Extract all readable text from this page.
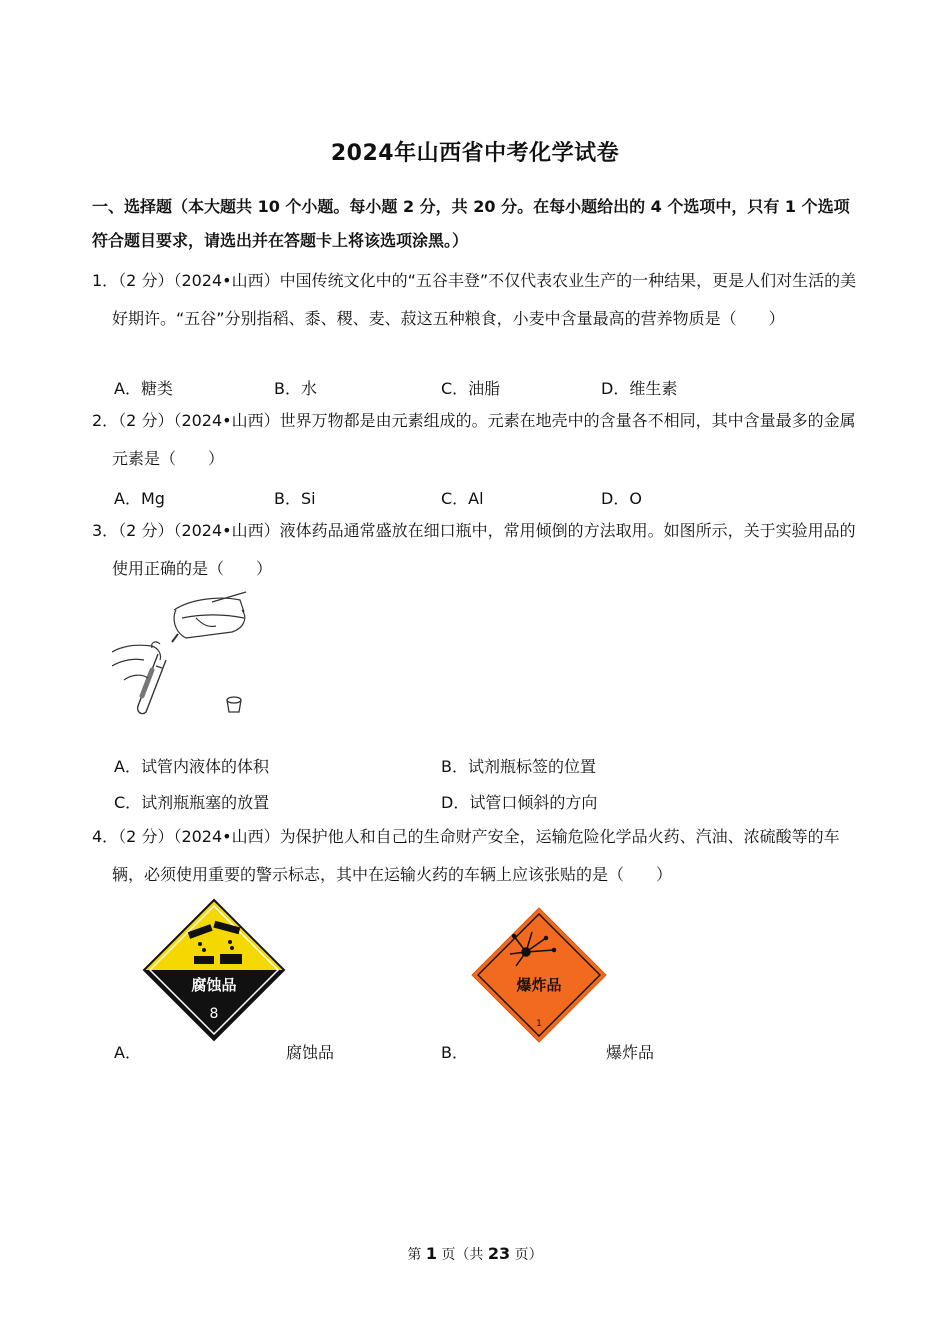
2024年山西省中考化学试卷
一、选择题（本大题共 10 个小题。每小题 2 分，共 20 分。在每小题给出的 4 个选项中，只有 1 个选项
符合题目要求，请选出并在答题卡上将该选项涂黑。）
1．（2 分）（2024•山西）中国传统文化中的“五谷丰登”不仅代表农业生产的一种结果，更是人们对生活的美好期许。“五谷”分别指稻、黍、稷、麦、菽这五种粮食，小麦中含量最高的营养物质是（　　）
A．糖类	B．水	C．油脂	D．维生素
2．（2 分）（2024•山西）世界万物都是由元素组成的。元素在地壳中的含量各不相同，其中含量最多的金属元素是（　　）
A．Mg	B．Si	C．Al	D．O
3．（2 分）（2024•山西）液体药品通常盛放在细口瓶中，常用倾倒的方法取用。如图所示，关于实验用品的使用正确的是（　　）
A．试管内液体的体积	B．试剂瓶标签的位置
C．试剂瓶瓶塞的放置	D．试管口倾斜的方向
4．（2 分）（2024•山西）为保护他人和自己的生命财产安全，运输危险化学品火药、汽油、浓硫酸等的车辆，必须使用重要的警示标志，其中在运输火药的车辆上应该张贴的是（　　）
腐蚀品
8
爆炸品
1
A．	B．
腐蚀品	爆炸品
第 1 页（共 23 页）
